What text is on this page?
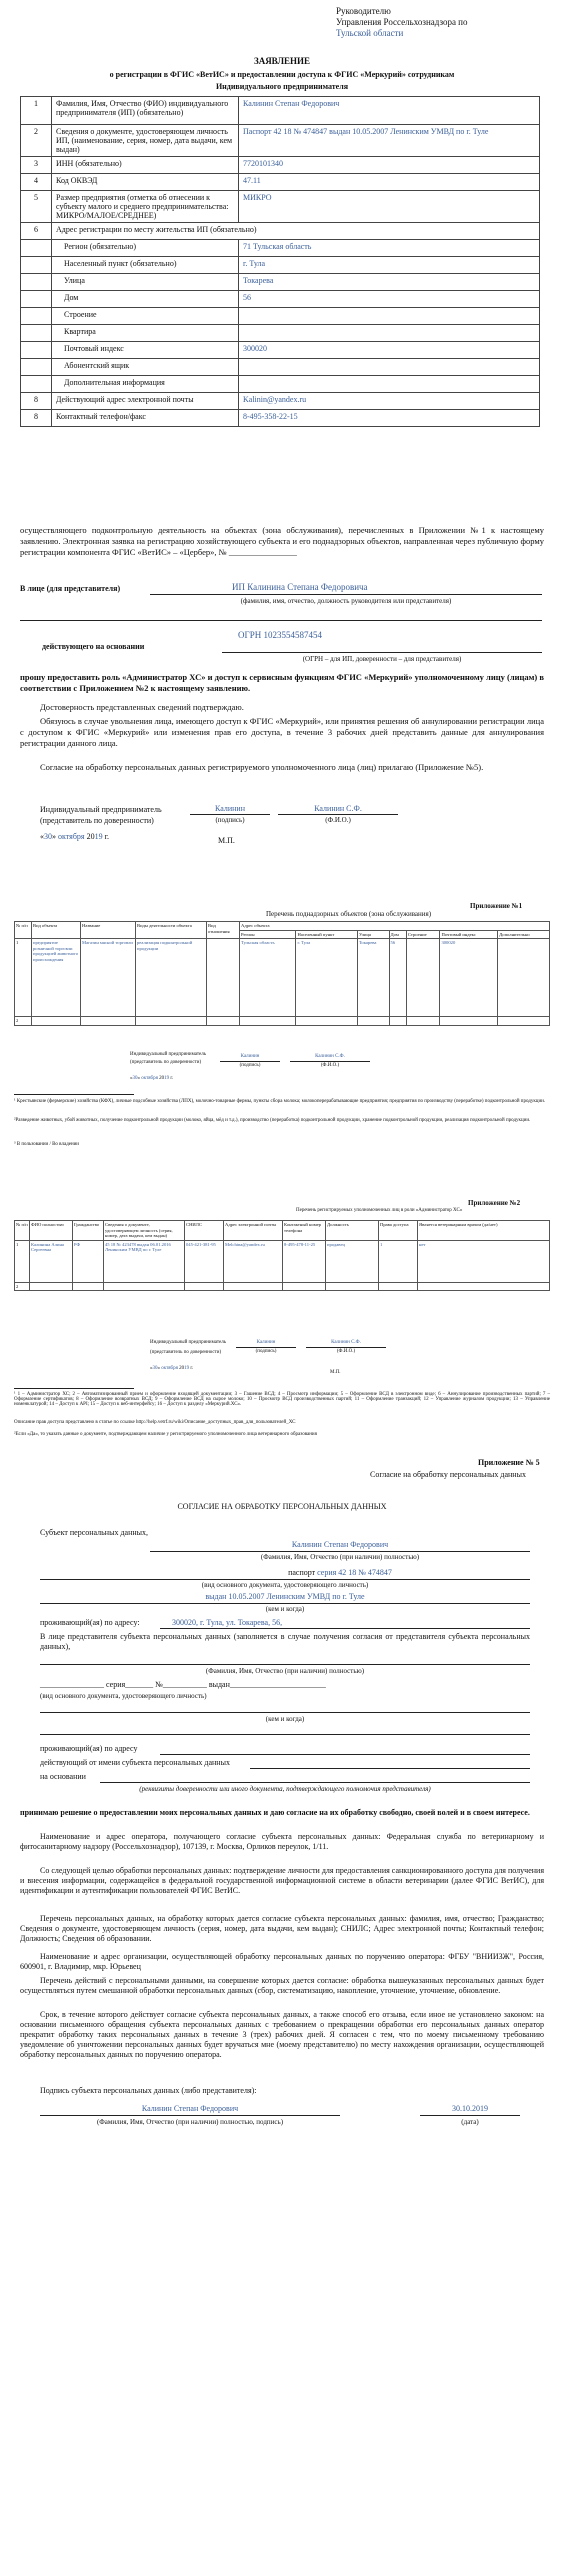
Руководителю
Управления Россельхознадзора по
Тульской области
ЗАЯВЛЕНИЕ
о регистрации в ФГИС «ВетИС» и предоставлении доступа к ФГИС «Меркурий» сотрудникам
Индивидуального предпринимателя
1	Фамилия, Имя, Отчество (ФИО) индивидуального предпринимателя (ИП) (обязательно)	Калинин Степан Федорович
2	Сведения о документе, удостоверяющем личность ИП, (наименование, серия, номер, дата выдачи, кем выдан)	Паспорт 42 18 № 474847 выдан 10.05.2007 Ленинским УМВД по г. Туле
3	ИНН (обязательно)	7720101340
4	Код ОКВЭД	47.11
5	Размер предприятия (отметка об отнесении к субъекту малого и среднего предпринимательства: МИКРО/МАЛОЕ/СРЕДНЕЕ)	МИКРО
6	Адрес регистрации по месту жительства ИП (обязательно)	
	Регион (обязательно)	71 Тульская область
	Населенный пункт (обязательно)	г. Тула
	Улица	Токарева
	Дом	56
	Строение	
	Квартира	
	Почтовый индекс	300020
	Абонентский ящик	
	Дополнительная информация	
8	Действующий адрес электронной почты	Kalinin@yandex.ru
8	Контактный телефон/факс	8-495-358-22-15
осуществляющего подконтрольную деятельность на объектах (зона обслуживания), перечисленных в Приложении №1 к настоящему заявлению. Электронная заявка на регистрацию хозяйствующего субъекта и его поднадзорных объектов, направленная через публичную форму регистрации компонента ФГИС «ВетИС» – «Цербер», № ________________
В лице (для представителя)	ИП Калинина Степана Федоровича
(фамилия, имя, отчество, должность руководителя или представителя)
действующего на основании
ОГРН 1023554587454
(ОГРН – для ИП, доверенности – для представителя)
прошу предоставить роль «Администратор ХС» и доступ к сервисным функциям ФГИС «Меркурий» уполномоченному лицу (лицам) в соответствии с Приложением №2 к настоящему заявлению.
Достоверность представленных сведений подтверждаю.
Обязуюсь в случае увольнения лица, имеющего доступ к ФГИС «Меркурий», или принятия решения об аннулировании регистрации лица с доступом к ФГИС «Меркурий» или изменения прав его доступа, в течение 3 рабочих дней представить данные для аннулирования регистрации данного лица.
Согласие на обработку персональных данных регистрируемого уполномоченного лица (лиц) прилагаю (Приложение №5).
Индивидуальный предприниматель
(представитель по доверенности)
Калинин
(подпись)
Калинин С.Ф.
(Ф.И.О.)
«30» октября 2019 г.	М.П.
Приложение №1
Перечень поднадзорных объектов (зона обслуживания)
№ п/п	Вид объекта	Название	Виды деятельности объекта	Вид отношения	Адрес объекта						
					Регион	Населенный пункт	Улица	Дом	Строение	Почтовый индекс	Дополнительно
1	предприятие розничной торговли продукцией животного происхождения	Магазин мясной торговли	реализация подконтрольной продукции		Тульская область	г. Тула	Токарева	56		300020	
2											
Индивидуальный предприниматель
(представитель по доверенности)
Калинин
(подпись)
Калинин С.Ф.
(Ф.И.О.)
«30» октября 2019 г.
¹ Крестьянские (фермерские) хозяйства (КФХ), личные подсобные хозяйства (ЛПХ), молочно-товарные фермы, пункты сбора молока; молокоперерабатывающие предприятия; предприятия по производству (переработке) подконтрольной продукции.
²Разведение животных, убой животных, получение подконтрольной продукции (молоко, яйца, мёд и т.д.), производство (переработка) подконтрольной продукции, хранение подконтрольной продукции, реализация подконтрольной продукции.
³ В пользовании / Во владении
Приложение №2
Перечень регистрируемых уполномоченных лиц в роли «Администратор ХС»
№ п/п	ФИО полностью	Гражданство	Сведения о документе, удостоверяющем личность (серия, номер, дата выдачи, кем выдан)	СНИЛС	Адрес электронной почты	Контактный номер телефона	Должность	Права доступа	Является ветеринарным врачом (да/нет)
1	Калинина Алина Сергеевна	РФ	45 18 № 423478 выдан 06.01.2016 Ленинским УМВД по г. Туле	045-421-381-95	Melchina@yandex.ru	8-495-478-11-25	продавец	1	нет
2									
Индивидуальный предприниматель
(представитель по доверенности)
Калинин
(подпись)
Калинин С.Ф.
(Ф.И.О.)
«30» октября 2019 г.
М.П.
¹ 1 – Администратор ХС; 2 – Автоматизированный прием и оформление входящей документации; 3 – Гашение ВСД; 4 – Просмотр информации; 5 – Оформление ВСД в электронном виде; 6 – Аннулирование производственных партий; 7 – Оформление сертификатов; 8 – Оформление возвратных ВСД; 9 – Оформление ВСД на сырое молоко; 10 – Просмотр ВСД производственных партий; 11 – Оформление транзакций; 12 – Управление журналом продукции; 13 – Управление номенклатурой; 14 – Доступ к API; 15 – Доступ к веб-интерфейсу; 16 – Доступ к разделу «Меркурий.ХС».
Описание прав доступа представлено в статье по ссылке http://help.vetrf.ru/wiki/Описание_доступных_прав_для_пользователей_ХС
²Если «Да», то указать данные о документе, подтверждающем наличие у регистрируемого уполномоченного лица ветеринарного образования
Приложение № 5
Согласие на обработку персональных данных
СОГЛАСИЕ НА ОБРАБОТКУ ПЕРСОНАЛЬНЫХ ДАННЫХ
Субъект персональных данных,
Калинин Степан Федорович
(Фамилия, Имя, Отчество (при наличии) полностью)
паспорт серия 42 18 № 474847
(вид основного документа, удостоверяющего личность)
выдан 10.05.2007 Ленинским УМВД по г. Туле
(кем и когда)
проживающий(ая) по адресу:	300020, г. Тула, ул. Токарева, 56,
В лице представителя субъекта персональных данных (заполняется в случае получения согласия от представителя субъекта персональных данных),
(Фамилия, Имя, Отчество (при наличии) полностью)
________________ серия_______ №___________ выдан________________________
(вид основного документа, удостоверяющего личность)
(кем и когда)
проживающий(ая) по адресу
действующий от имени субъекта персональных данных
на основании
(реквизиты доверенности или иного документа, подтверждающего полномочия представителя)
принимаю решение о предоставлении моих персональных данных и даю согласие на их обработку свободно, своей волей и в своем интересе.
Наименование и адрес оператора, получающего согласие субъекта персональных данных: Федеральная служба по ветеринарному и фитосанитарному надзору (Россельхознадзор), 107139, г. Москва, Орликов переулок, 1/11.
Со следующей целью обработки персональных данных: подтверждение личности для предоставления санкционированного доступа для получения и внесения информации, содержащейся в федеральной государственной информационной системе в области ветеринарии (далее ФГИС ВетИС), для идентификации и аутентификации пользователей ФГИС ВетИС.
Перечень персональных данных, на обработку которых дается согласие субъекта персональных данных: фамилия, имя, отчество; Гражданство; Сведения о документе, удостоверяющем личность (серия, номер, дата выдачи, кем выдан); СНИЛС; Адрес электронной почты; Контактный телефон; Должность; Сведения об образовании.
Наименование и адрес организации, осуществляющей обработку персональных данных по поручению оператора: ФГБУ "ВНИИЗЖ", Россия, 600901, г. Владимир, мкр. Юрьевец
Перечень действий с персональными данными, на совершение которых дается согласие: обработка вышеуказанных персональных данных будет осуществляться путем смешанной обработки персональных данных (сбор, систематизацию, накопление, уточнение, уточнение, обновление.
Срок, в течение которого действует согласие субъекта персональных данных, а также способ его отзыва, если иное не установлено законом: на основании письменного обращения субъекта персональных данных с требованием о прекращении обработки его персональных данных оператор прекратит обработку таких персональных данных в течение 3 (трех) рабочих дней. Я согласен с тем, что по моему письменному требованию уведомление об уничтожении персональных данных будет вручаться мне (моему представителю) по месту нахождения организации, осуществляющей обработку персональных данных по поручению оператора.
Подпись субъекта персональных данных (либо представителя):
Калинин Степан Федорович
(Фамилия, Имя, Отчество (при наличии) полностью, подпись)
30.10.2019
(дата)
